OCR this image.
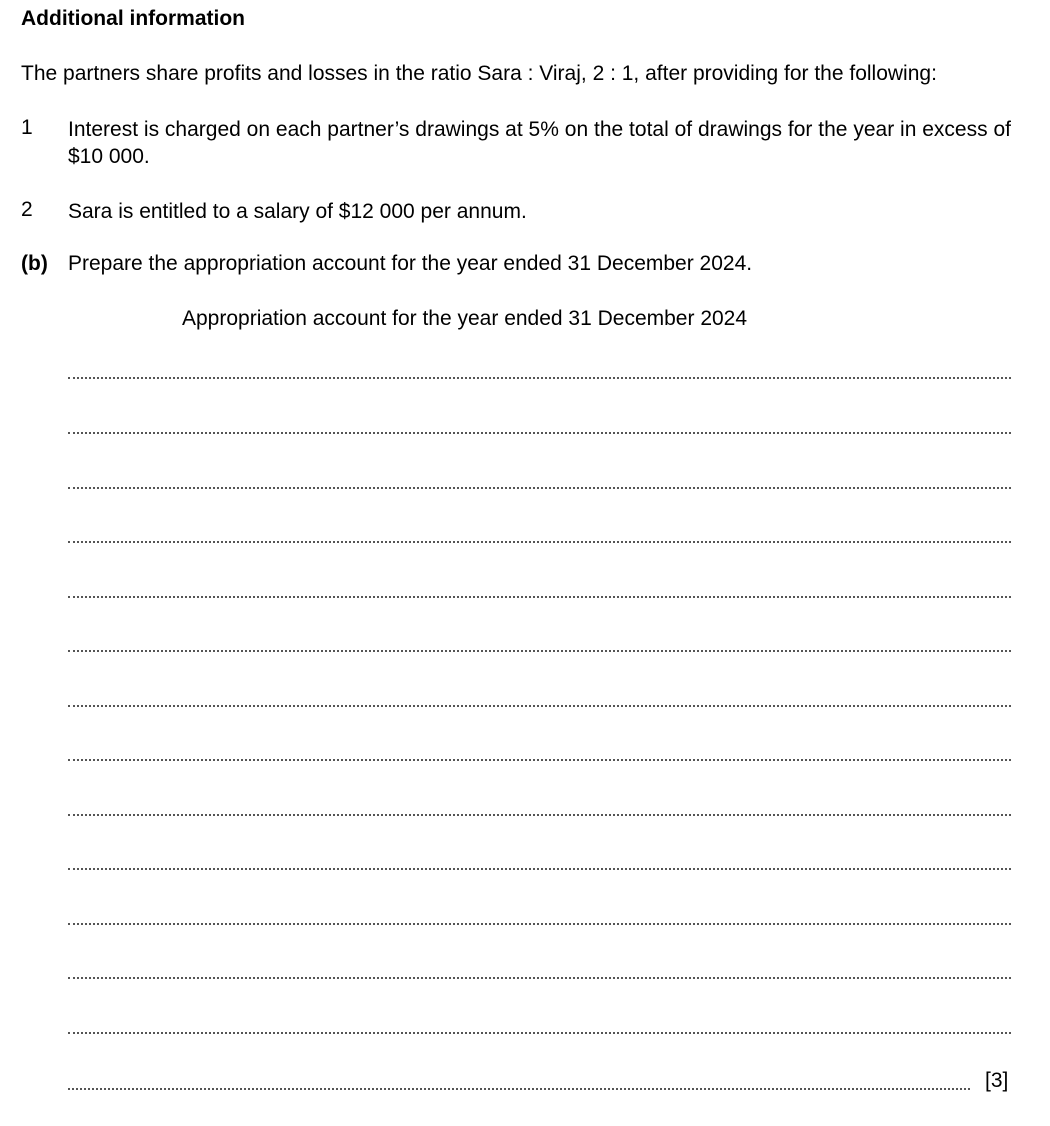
Additional information
The partners share profits and losses in the ratio Sara : Viraj, 2 : 1, after providing for the following:
1	Interest is charged on each partner’s drawings at 5% on the total of drawings for the year in excess of $10 000.
2	Sara is entitled to a salary of $12 000 per annum.
(b) Prepare the appropriation account for the year ended 31 December 2024.
Appropriation account for the year ended 31 December 2024
[3]
